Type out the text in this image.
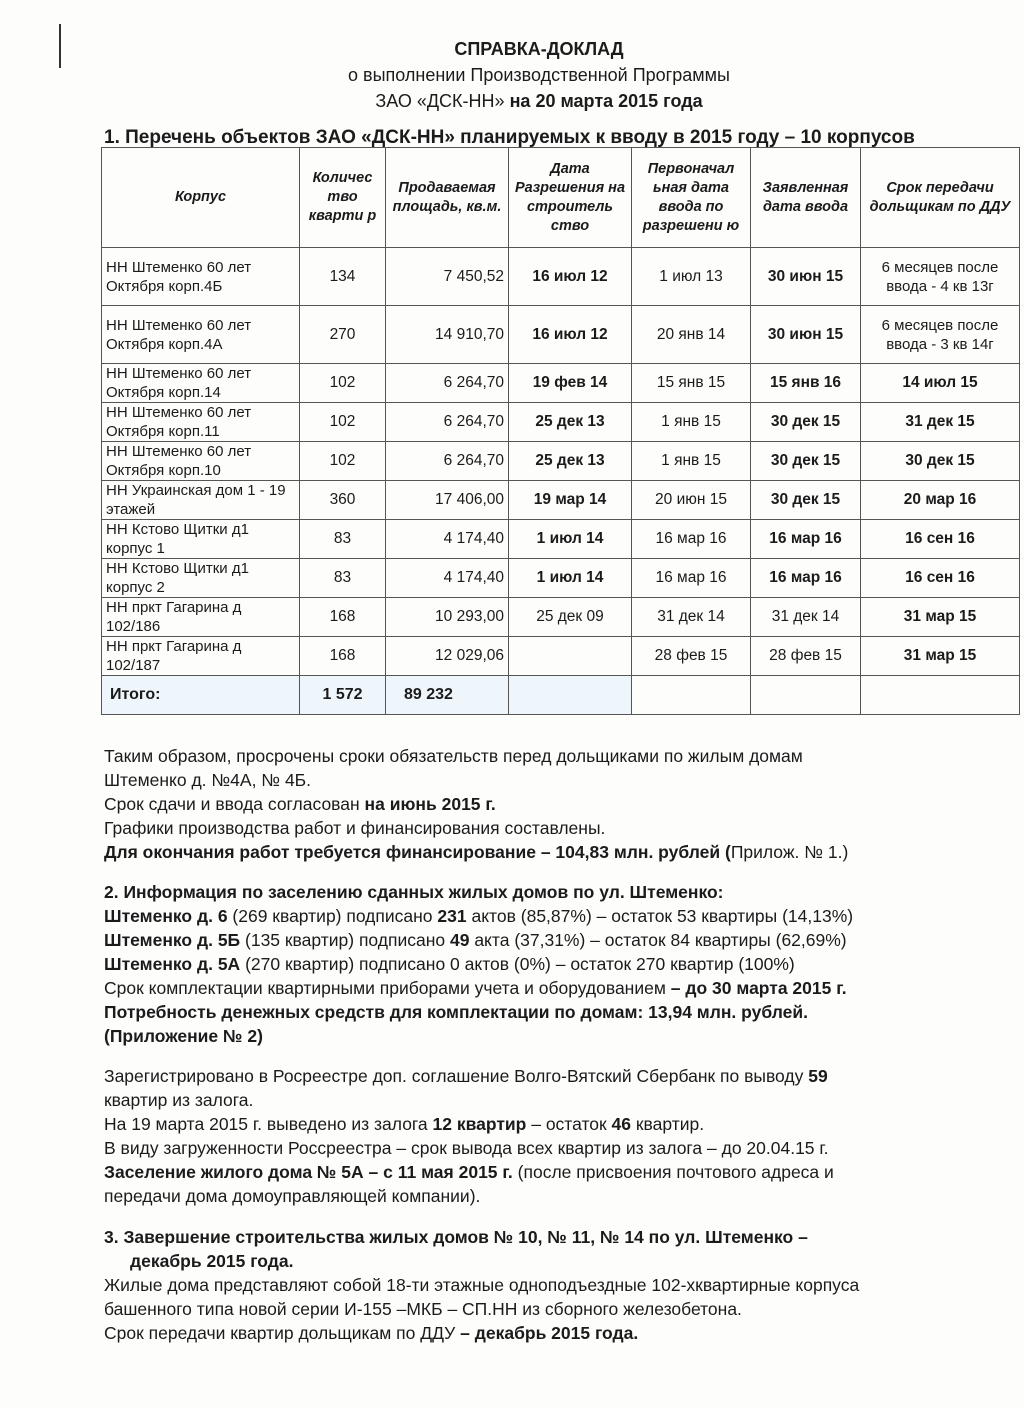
СПРАВКА-ДОКЛАД
о выполнении Производственной Программы
ЗАО «ДСК-НН» на 20 марта 2015 года
1. Перечень объектов ЗАО «ДСК-НН» планируемых к вводу в 2015 году – 10 корпусов
Корпус	Количес тво кварти р	Продаваемая площадь, кв.м.	Дата Разрешения на строитель ство	Первоначал ьная дата ввода по разрешени ю	Заявленная дата ввода	Срок передачи дольщикам по ДДУ
НН Штеменко 60 лет Октября корп.4Б	134	7 450,52	16 июл 12	1 июл 13	30 июн 15	6 месяцев после ввода - 4 кв 13г
НН Штеменко 60 лет Октября корп.4А	270	14 910,70	16 июл 12	20 янв 14	30 июн 15	6 месяцев после ввода - 3 кв 14г
НН Штеменко 60 лет Октября корп.14	102	6 264,70	19 фев 14	15 янв 15	15 янв 16	14 июл 15
НН Штеменко 60 лет Октября корп.11	102	6 264,70	25 дек 13	1 янв 15	30 дек 15	31 дек 15
НН Штеменко 60 лет Октября корп.10	102	6 264,70	25 дек 13	1 янв 15	30 дек 15	30 дек 15
НН Украинская дом 1 - 19 этажей	360	17 406,00	19 мар 14	20 июн 15	30 дек 15	20 мар 16
НН Кстово Щитки д1 корпус 1	83	4 174,40	1 июл 14	16 мар 16	16 мар 16	16 сен 16
НН Кстово Щитки д1 корпус 2	83	4 174,40	1 июл 14	16 мар 16	16 мар 16	16 сен 16
НН пркт Гагарина д 102/186	168	10 293,00	25 дек 09	31 дек 14	31 дек 14	31 мар 15
НН пркт Гагарина д 102/187	168	12 029,06		28 фев 15	28 фев 15	31 мар 15
Итого:	1 572	89 232				

Таким образом, просрочены сроки обязательств перед дольщиками по жилым домам

Штеменко д. №4А, № 4Б.

Срок сдачи и ввода согласован на июнь 2015 г.

Графики производства работ и финансирования составлены.

Для окончания работ требуется финансирование – 104,83 млн. рублей (Прилож. № 1.)

2. Информация по заселению сданных жилых домов по ул. Штеменко:

Штеменко д. 6 (269 квартир) подписано 231 актов (85,87%) – остаток 53 квартиры (14,13%)

Штеменко д. 5Б (135 квартир) подписано 49 акта (37,31%) – остаток 84 квартиры (62,69%)

Штеменко д. 5А (270 квартир) подписано 0 актов (0%) – остаток 270 квартир (100%)

Срок комплектации квартирными приборами учета и оборудованием – до 30 марта 2015 г.

Потребность денежных средств для комплектации по домам: 13,94 млн. рублей.

(Приложение № 2)

Зарегистрировано в Росреестре доп. соглашение Волго-Вятский Сбербанк по выводу 59

квартир из залога.

На 19 марта 2015 г. выведено из залога 12 квартир – остаток 46 квартир.

В виду загруженности Россреестра – срок вывода всех квартир из залога – до 20.04.15 г.

Заселение жилого дома № 5А – с 11 мая 2015 г. (после присвоения почтового адреса и

передачи дома домоуправляющей компании).

3. Завершение строительства жилых домов № 10, № 11, № 14 по ул. Штеменко –

декабрь 2015 года.

Жилые дома представляют собой 18-ти этажные одноподъездные 102-хквартирные корпуса

башенного типа новой серии И-155 –МКБ – СП.НН из сборного железобетона.

Срок передачи квартир дольщикам по ДДУ – декабрь 2015 года.
